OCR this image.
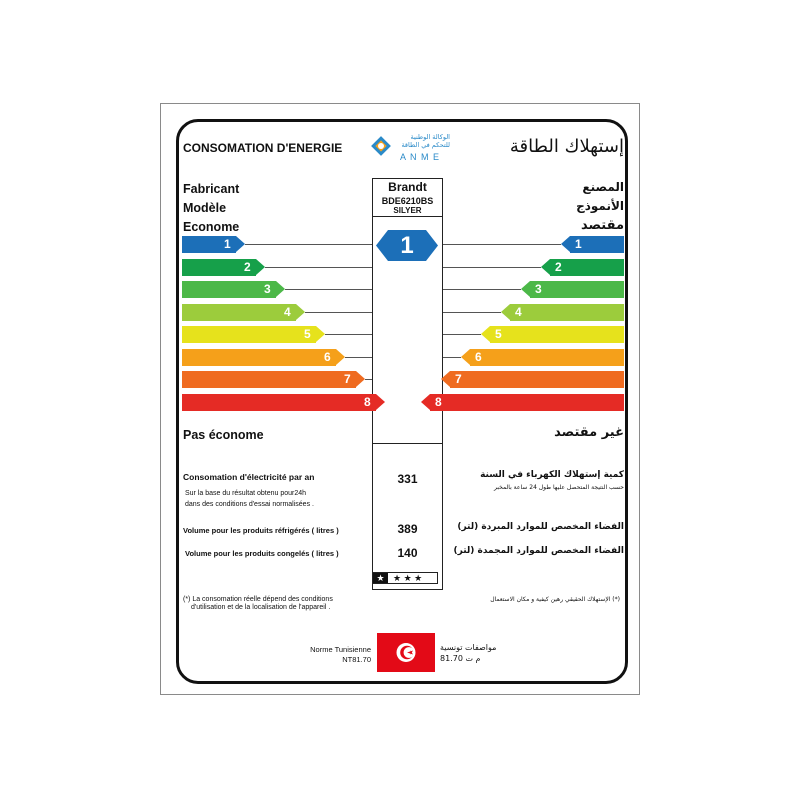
CONSOMATION D'ENERGIE	إستهلاك الطاقة
الوكالة الوطنية للتحكم في الطاقة
A N M E
Fabricant	المصنع
Brandt
Modèle	الأنموذج
BDE6210BS
SILYER
Econome	مقتصد
1	1
2	2
3	3
4	4
5	5
6	6
7	7
8	8
1
Pas économe	غير مقتصد
Consomation d'électricité par an
Sur la base du résultat obtenu pour24h
dans des conditions d'essai normalisées .
كمية إستهلاك الكهرباء في السنة
حسب النتيجة المتحصل عليها طول 24 ساعة بالمخبر
331
Volume pour les produits réfrigérés ( litres )	الفضاء المخصص للموارد المبردة (لتر)
389
Volume pour les produits congelés ( litres )	الفضاء المخصص للموارد المجمدة (لتر)
140
★ ★ ★ ★
(*) La consomation réelle dépend des conditions
d'utilisation et de la localisation de l'appareil .
(*) الإستهلاك الحقيقي رهين كيفية و مكان الاستعمال
Norme Tunisienne
NT81.70
مواصفات تونسية
م ت 81.70
